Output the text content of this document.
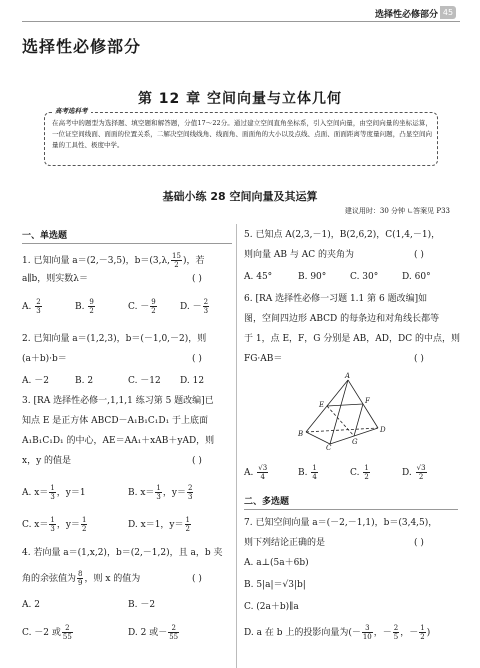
选择性必修部分 45
选择性必修部分
第 12 章 空间向量与立体几何
高考选科考
在高考中的题型为选择题、填空题和解答题，分值17～22分。通过建立空间直角坐标系，引入空间向量，由空间向量的坐标运算，一位证空间线面、面面的位置关系，二解决空间线线角、线面角、面面角的大小以及点线、点面、面面距离等度量问题，凸显空间向量的工具性、极度中学。
基础小练 28 空间向量及其运算
建议用时：30 分钟 ∟答案见 P33
一、单选题
1. 已知向量 a＝(2,－3,5)，b＝(3,λ, $\frac{15}{2}$ )，若
a∥b，则实数λ＝	( )
A. $\frac{2}{3}$	B. $\frac{9}{2}$	C. － $\frac{9}{2}$	D. － $\frac{2}{3}$
2. 已知向量 a＝(1,2,3)，b＝(－1,0,－2)，则
(a＋b)·b＝	( )
A. －2	B. 2	C. －12 D. 12
3. [RA 选择性必修一,1,1,1 练习第 5 题改编]已
知点 E 是正方体 ABCD－A₁B₁C₁D₁ 于上底面
A₁B₁C₁D₁ 的中心，AE＝AA₁＋xAB＋yAD，则
x，y 的值是	( )
A. $x= \frac{1}{3}$ ，y＝1	B. $x= \frac{1}{3}$ ，$y= \frac{2}{3}$
C. $x= \frac{1}{3}$ ，$y= \frac{1}{2}$	D. x＝1，$y= \frac{1}{2}$
4. 若向量 a＝(1,x,2)，b＝(2,－1,2)，且 a，b 夹
角的余弦值为 $\frac{8}{9}$ ，则 x 的值为	( )
A. 2	B. －2
C. －2 或 $\frac{2}{55}$	D. 2 或－ $\frac{2}{55}$
5. 已知点 A(2,3,－1)，B(2,6,2)，C(1,4,－1)，
则向量 AB 与 AC 的夹角为	( )
A. 45°	B. 90°	C. 30°	D. 60°
6. [RA 选择性必修一习题 1.1 第 6 题改编]如
图，空间四边形 ABCD 的每条边和对角线长都等
于 1，点 E，F，G 分别是 AB，AD，DC 的中点，则
FG·AB＝	( )
A
E	F
B
C
D
G
A. $\frac{√3}{4}$	B. $\frac{1}{4}$	C. $\frac{1}{2}$	D. $\frac{√3}{2}$
二、多选题
7. 已知空间向量 a＝(－2,－1,1)，b＝(3,4,5)，
则下列结论正确的是	( )
A. a⊥(5a＋6b)
B. 5|a|＝√3|b|
C. (2a＋b)∥a
D. a 在 b 上的投影向量为(－ $\frac{3}{10}$ ，－ $\frac{2}{5}$ ，－ $\frac{1}{2}$ )
